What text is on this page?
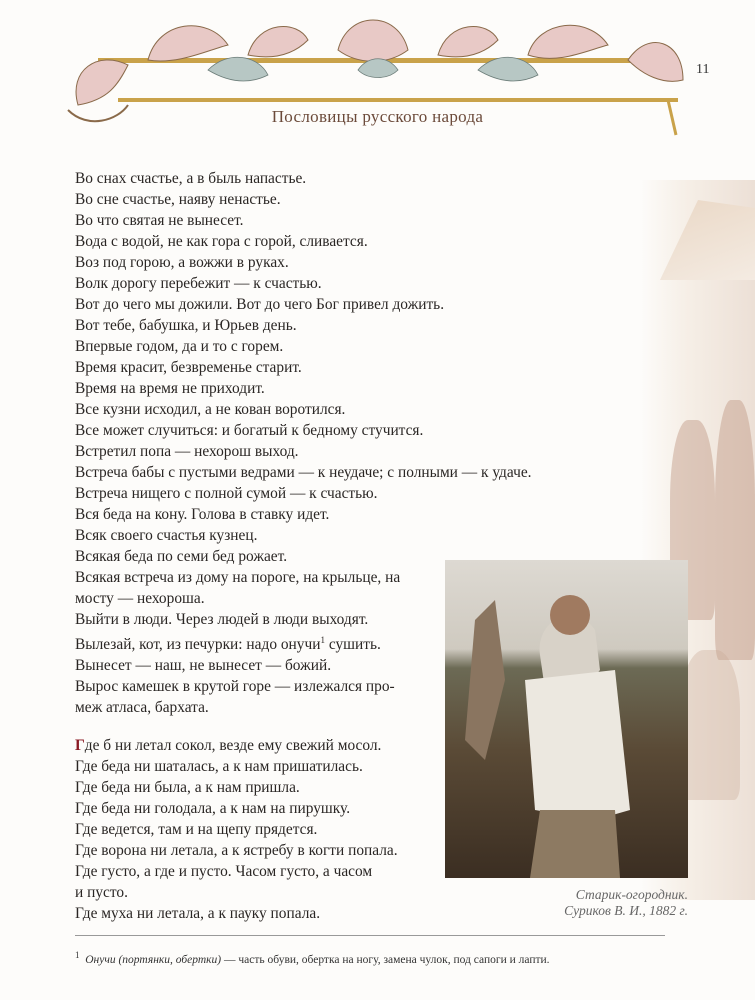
11
Пословицы русского народа
Во снах счастье, а в быль напастье.
Во сне счастье, наяву ненастье.
Во что святая не вынесет.
Вода с водой, не как гора с горой, сливается.
Воз под горою, а вожжи в руках.
Волк дорогу перебежит — к счастью.
Вот до чего мы дожили. Вот до чего Бог привел дожить.
Вот тебе, бабушка, и Юрьев день.
Впервые годом, да и то с горем.
Время красит, безвременье старит.
Время на время не приходит.
Все кузни исходил, а не кован воротился.
Все может случиться: и богатый к бедному стучится.
Встретил попа — нехорош выход.
Встреча бабы с пустыми ведрами — к неудаче; с полными — к удаче.
Встреча нищего с полной сумой — к счастью.
Вся беда на кону. Голова в ставку идет.
Всяк своего счастья кузнец.
Всякая беда по семи бед рожает.
Всякая встреча из дому на пороге, на крыльце, на
мосту — нехороша.
Выйти в люди. Через людей в люди выходят.
Вылезай, кот, из печурки: надо онучи$^1$ сушить.
Вынесет — наш, не вынесет — божий.
Вырос камешек в крутой горе — излежался про-
меж атласа, бархата.
Где б ни летал сокол, везде ему свежий мосол.
Где беда ни шаталась, а к нам пришатилась.
Где беда ни была, а к нам пришла.
Где беда ни голодала, а к нам на пирушку.
Где ведется, там и на щепу прядется.
Где ворона ни летала, а к ястребу в когти попала.
Где густо, а где и пусто. Часом густо, а часом
и пусто.
Где муха ни летала, а к пауку попала.
Старик-огородник.
Суриков В. И., 1882 г.
$^1$ Онучи (портянки, обертки) — часть обуви, обертка на ногу, замена чулок, под сапоги и лапти.
